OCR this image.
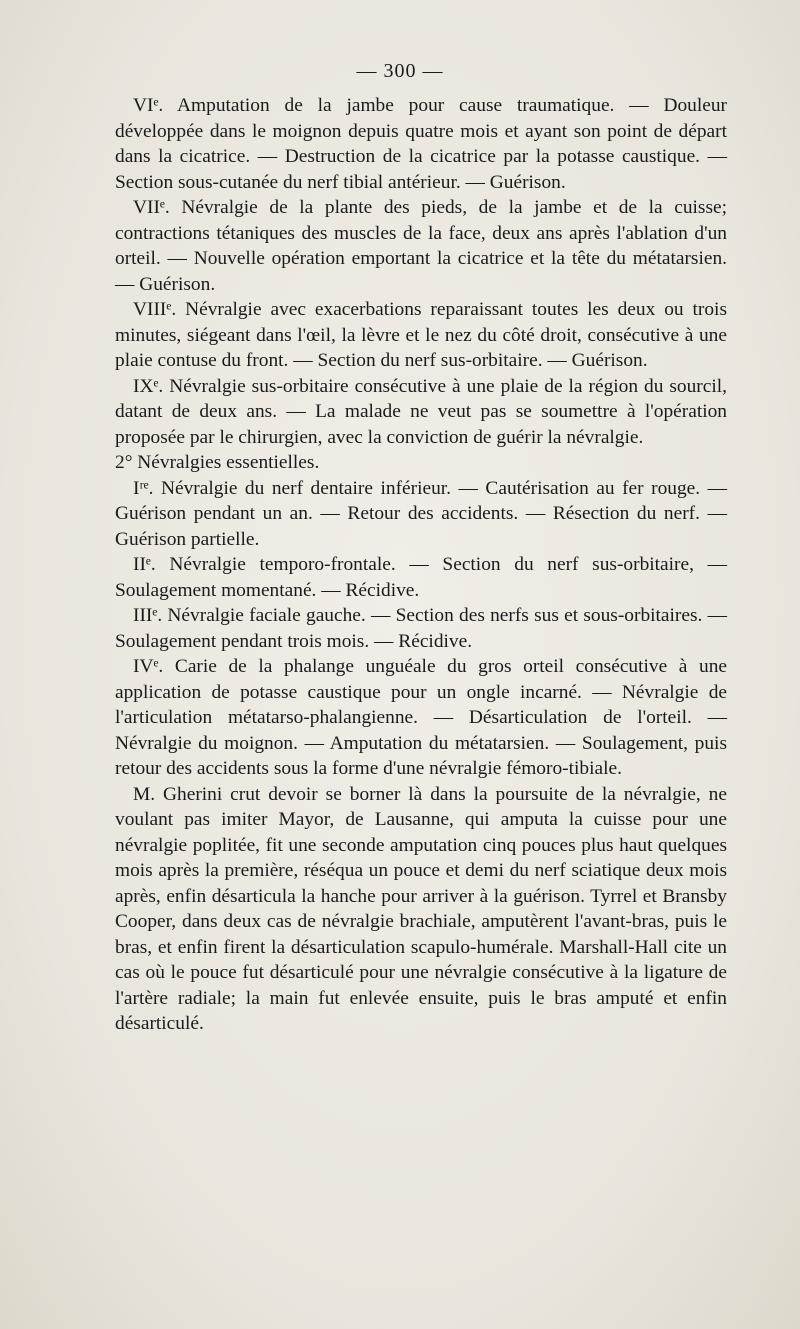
— 300 —

VIᵉ. Amputation de la jambe pour cause traumatique. — Douleur développée dans le moignon depuis quatre mois et ayant son point de départ dans la cicatrice. — Destruction de la cicatrice par la potasse caustique. — Section sous-cutanée du nerf tibial antérieur. — Guérison.

VIIᵉ. Névralgie de la plante des pieds, de la jambe et de la cuisse; contractions tétaniques des muscles de la face, deux ans après l'ablation d'un orteil. — Nouvelle opération emportant la cicatrice et la tête du métatarsien. — Guérison.

VIIIᵉ. Névralgie avec exacerbations reparaissant toutes les deux ou trois minutes, siégeant dans l'œil, la lèvre et le nez du côté droit, consécutive à une plaie contuse du front. — Section du nerf sus-orbitaire. — Guérison.

IXᵉ. Névralgie sus-orbitaire consécutive à une plaie de la région du sourcil, datant de deux ans. — La malade ne veut pas se soumettre à l'opération proposée par le chirurgien, avec la conviction de guérir la névralgie.

2° Névralgies essentielles.

Iʳᵉ. Névralgie du nerf dentaire inférieur. — Cautérisation au fer rouge. — Guérison pendant un an. — Retour des accidents. — Résection du nerf. — Guérison partielle.

IIᵉ. Névralgie temporo-frontale. — Section du nerf sus-orbitaire, — Soulagement momentané. — Récidive.

IIIᵉ. Névralgie faciale gauche. — Section des nerfs sus et sous-orbitaires. — Soulagement pendant trois mois. — Récidive.

IVᵉ. Carie de la phalange unguéale du gros orteil consécutive à une application de potasse caustique pour un ongle incarné. — Névralgie de l'articulation métatarso-phalangienne. — Désarticulation de l'orteil. — Névralgie du moignon. — Amputation du métatarsien. — Soulagement, puis retour des accidents sous la forme d'une névralgie fémoro-tibiale.

M. Gherini crut devoir se borner là dans la poursuite de la névralgie, ne voulant pas imiter Mayor, de Lausanne, qui amputa la cuisse pour une névralgie poplitée, fit une seconde amputation cinq pouces plus haut quelques mois après la première, réséqua un pouce et demi du nerf sciatique deux mois après, enfin désarticula la hanche pour arriver à la guérison. Tyrrel et Bransby Cooper, dans deux cas de névralgie brachiale, amputèrent l'avant-bras, puis le bras, et enfin firent la désarticulation scapulo-humérale. Marshall-Hall cite un cas où le pouce fut désarticulé pour une névralgie consécutive à la ligature de l'artère radiale; la main fut enlevée ensuite, puis le bras amputé et enfin désarticulé.
